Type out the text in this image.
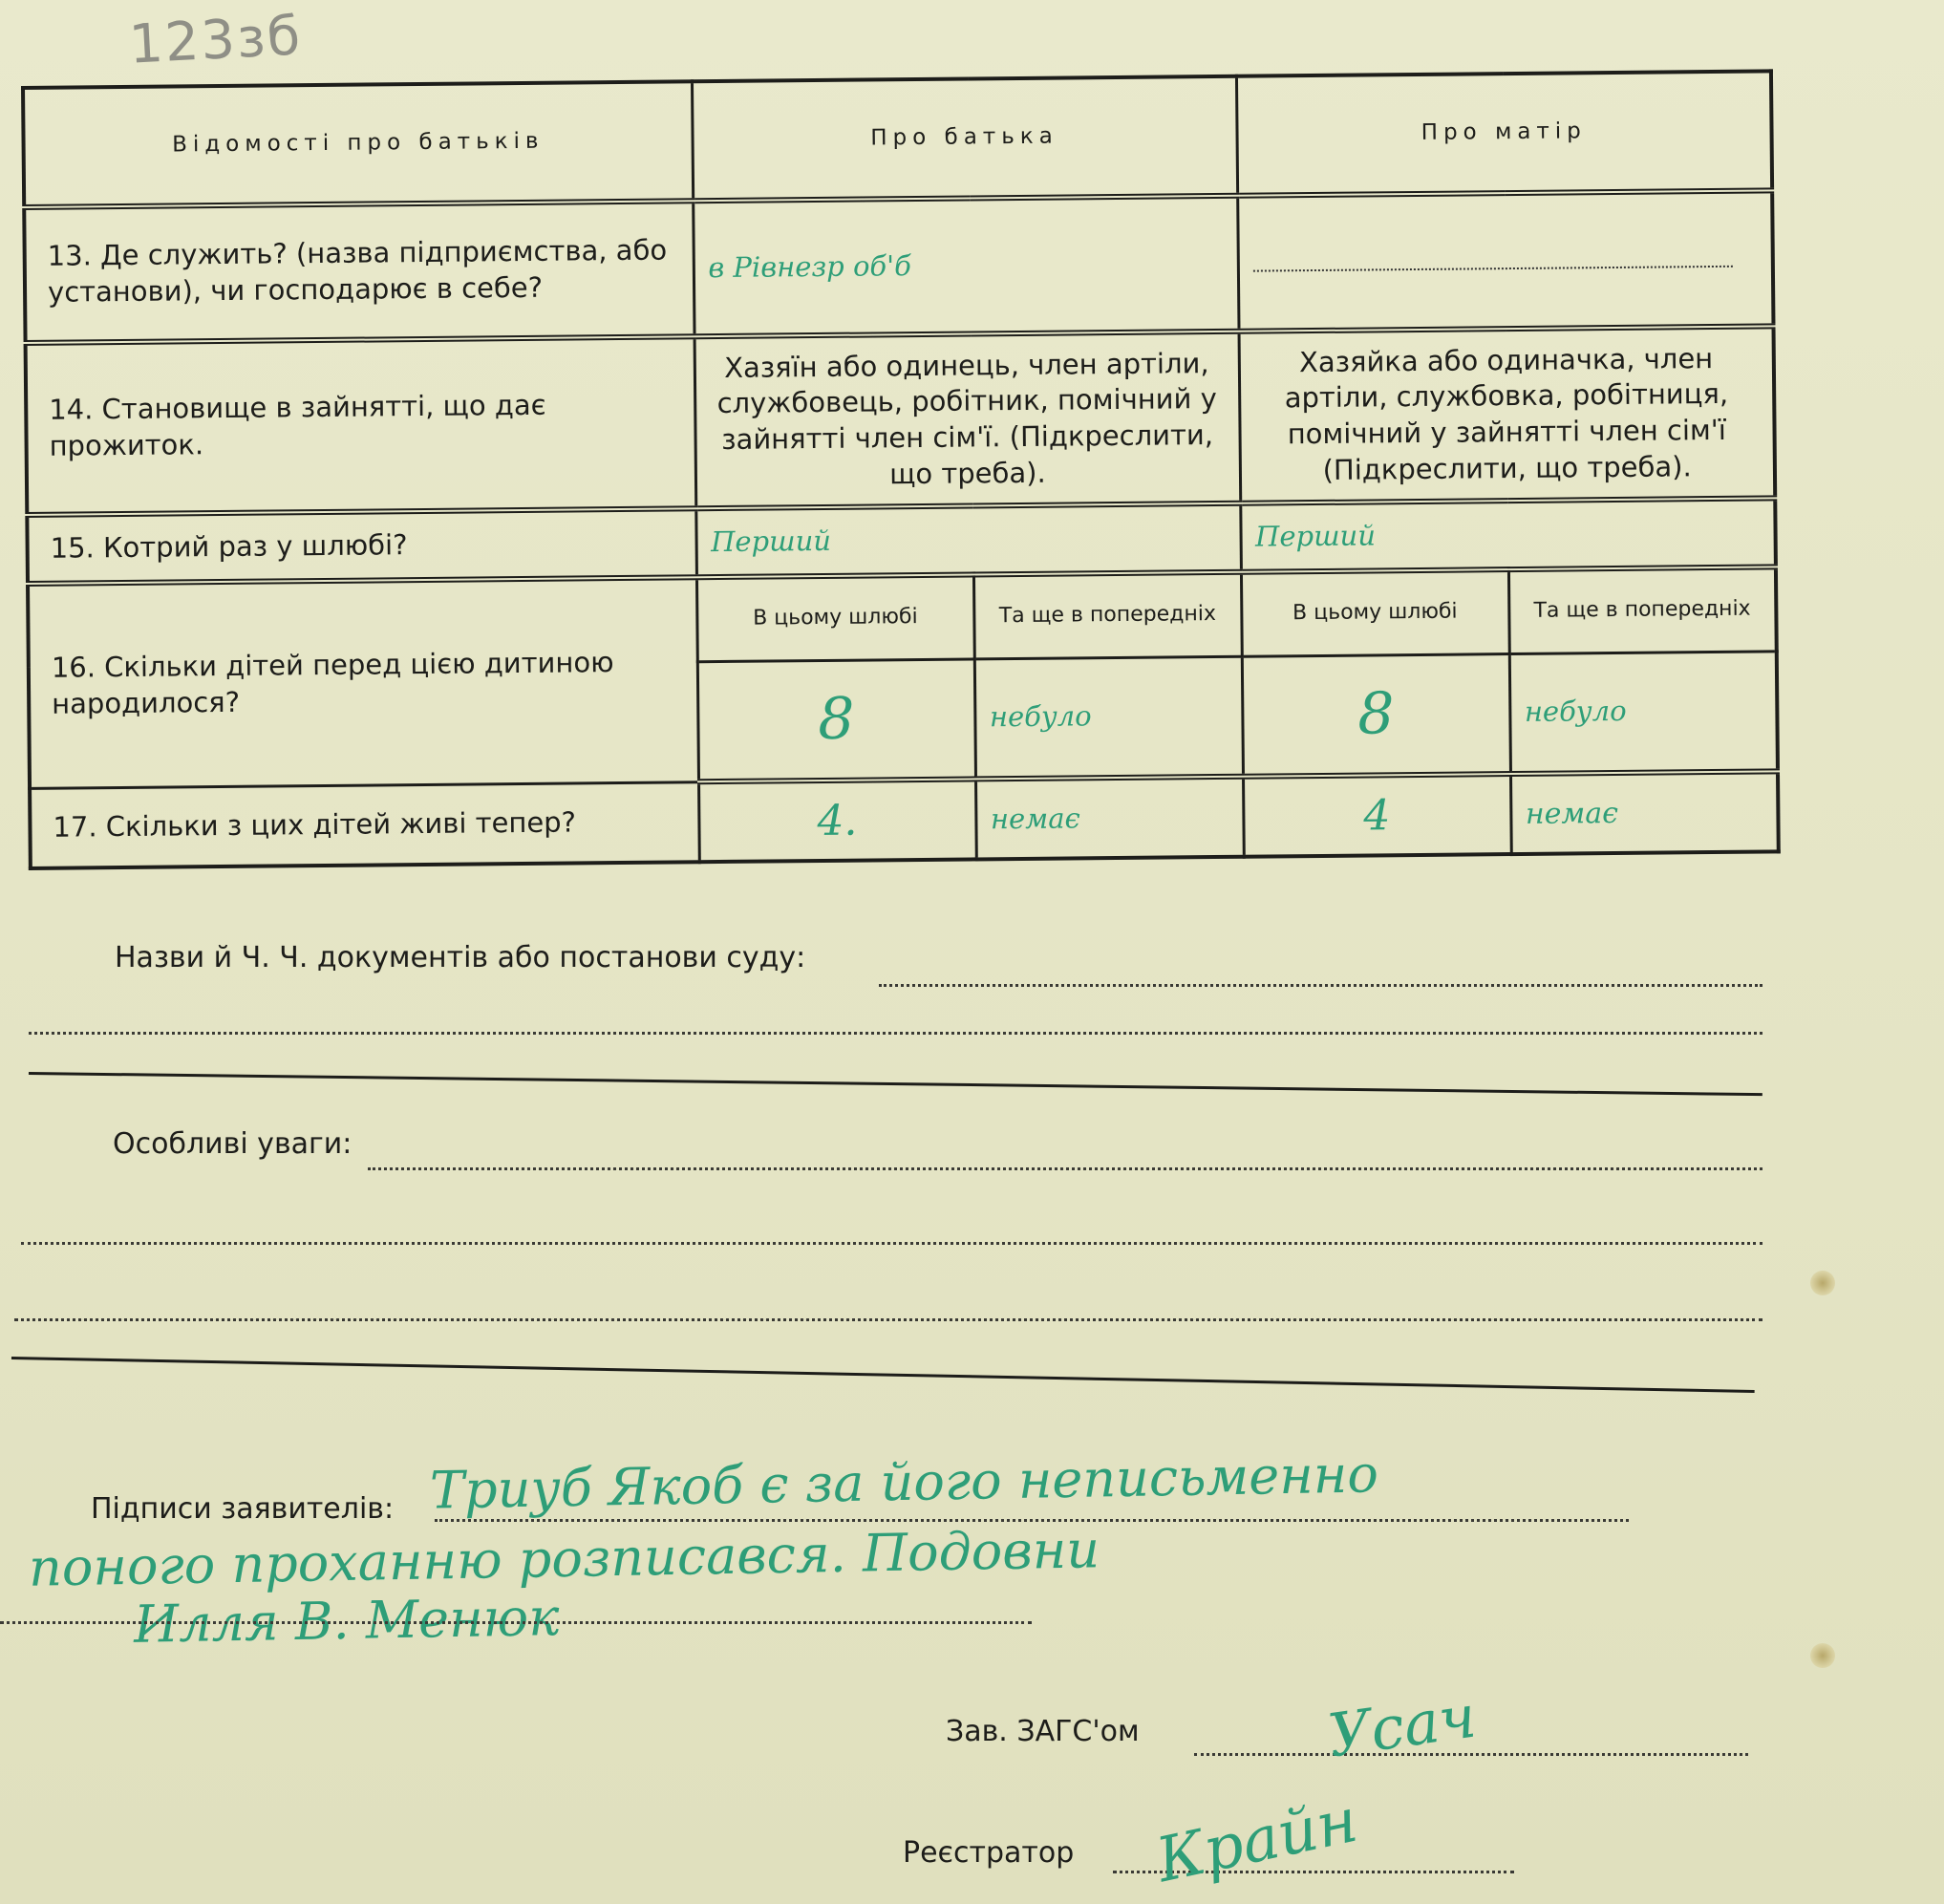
123зб
Відомості про батьків	Про батька		Про матір	
13. Де служить? (назва підприємства, або установи), чи господарює в себе?	в Рівнезр об'б			
14. Становище в зайнятті, що дає прожиток.	Хазяїн або одинець, член артіли, службовець, робітник, помічний у зайнятті член сім'ї. (Підкреслити, що треба).		Хазяйка або одиначка, член артіли, службовка, робітниця, помічний у зайнятті член сім'ї (Підкреслити, що треба).	
15. Котрий раз у шлюбі?	Перший		Перший	
16. Скільки дітей перед цією дитиною народилося?	В цьому шлюбі	Та ще в попередніх	В цьому шлюбі	Та ще в попередніх
	8	небуло	8	небуло
17. Скільки з цих дітей живі тепер?	4.	немає	4	немає
Назви й Ч. Ч. документів або постанови суду:
Особливі уваги:
Підписи заявителів: Триуб Якоб є за його неписьменно
поного проханню розписався. Подовни
Илля В. Менюк
Зав. ЗАГС'ом	Усач
Реєстратор Крайн
